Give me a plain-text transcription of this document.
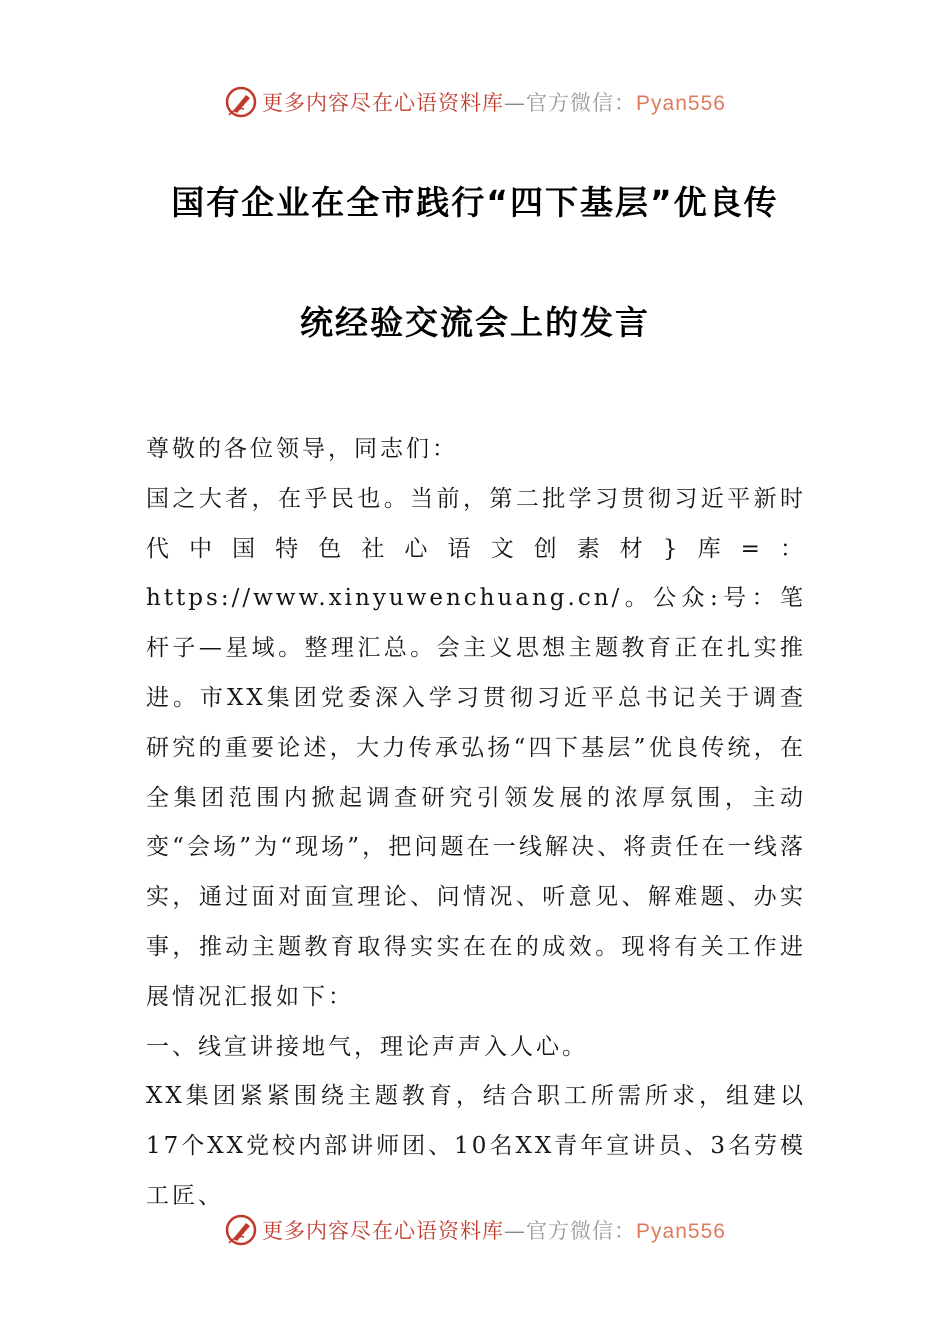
更多内容尽在心语资料库—官方微信：Pyan556
国有企业在全市践行“四下基层”优良传
统经验交流会上的发言

尊敬的各位领导，同志们：

国之大者，在乎民也。当前，第二批学习贯彻习近平新时代中国特色社心语文创素材}库=：https://www.xinyuwenchuang.cn/。公众:号：笔杆子—星域。整理汇总。会主义思想主题教育正在扎实推进。市XX集团党委深入学习贯彻习近平总书记关于调查研究的重要论述，大力传承弘扬“四下基层”优良传统，在全集团范围内掀起调查研究引领发展的浓厚氛围，主动变“会场”为“现场”，把问题在一线解决、将责任在一线落实，通过面对面宣理论、问情况、听意见、解难题、办实事，推动主题教育取得实实在在的成效。现将有关工作进展情况汇报如下：

一、线宣讲接地气，理论声声入人心。

XX集团紧紧围绕主题教育，结合职工所需所求，组建以17个XX党校内部讲师团、10名XX青年宣讲员、3名劳模工匠、

更多内容尽在心语资料库—官方微信：Pyan556
